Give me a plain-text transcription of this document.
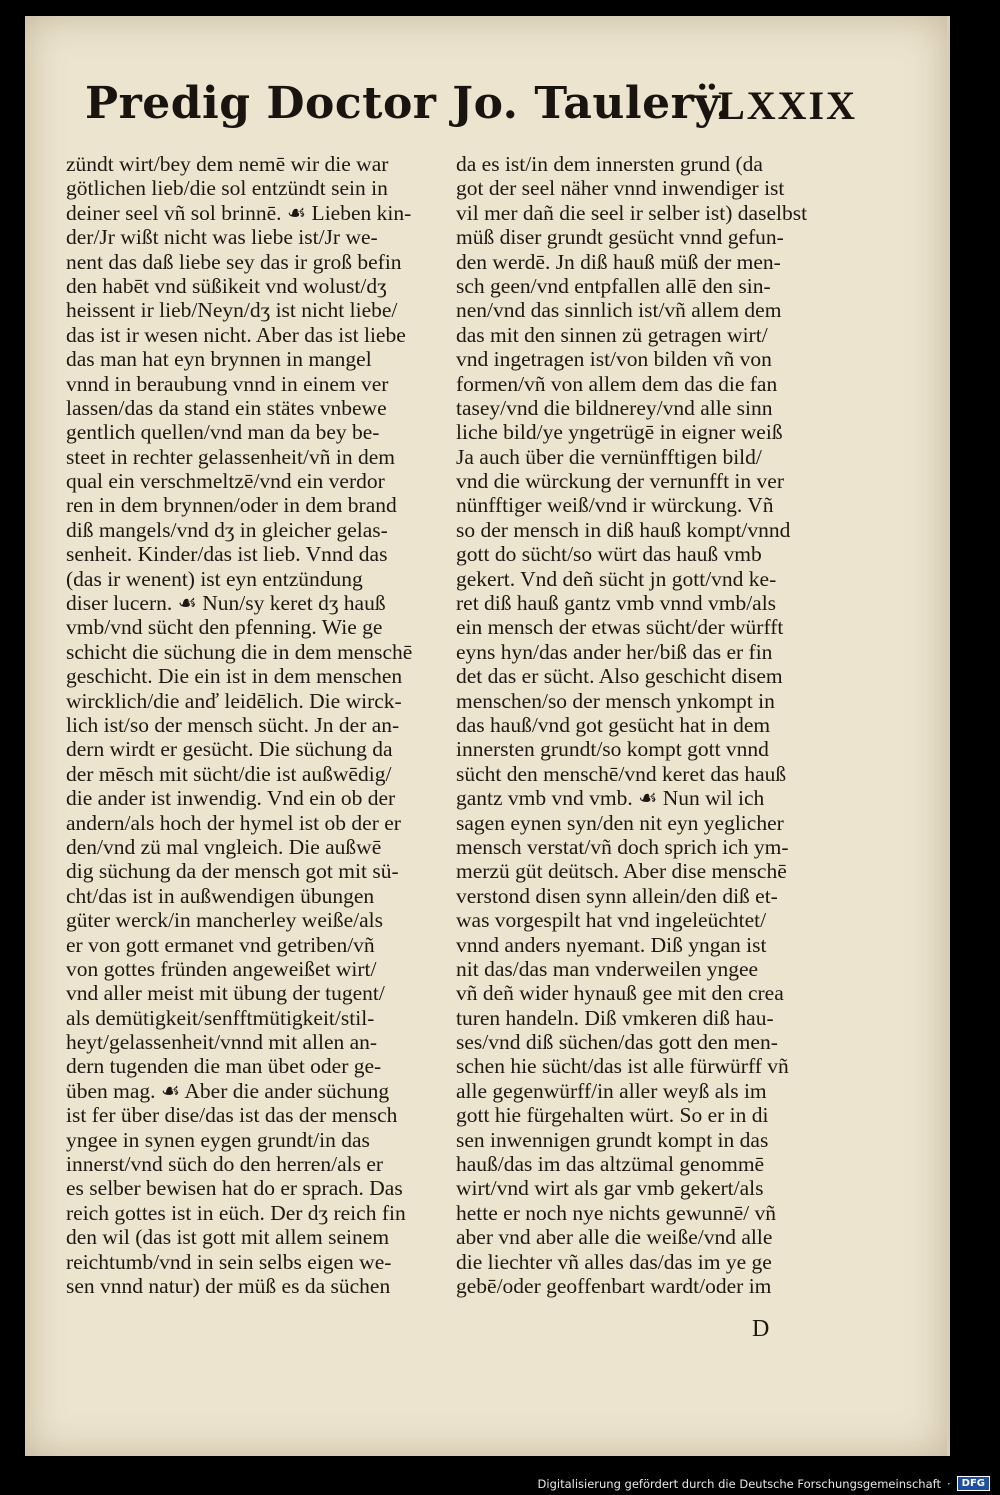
Predig Doctor Jo. Taulerÿ.
LXXIX
zündt wirt/bey dem nemē wir die war
götlichen lieb/die sol entzündt sein in
deiner seel vñ sol brinnē. ☙ Lieben kin-
der/Jr wißt nicht was liebe ist/Jr we-
nent das daß liebe sey das ir groß befin
den habēt vnd süßikeit vnd wolust/dʒ
heissent ir lieb/Neyn/dʒ ist nicht liebe/
das ist ir wesen nicht. Aber das ist liebe
das man hat eyn brynnen in mangel
vnnd in beraubung vnnd in einem ver
lassen/das da stand ein stätes vnbewe
gentlich quellen/vnd man da bey be-
steet in rechter gelassenheit/vñ in dem
qual ein verschmeltzē/vnd ein verdor
ren in dem brynnen/oder in dem brand
diß mangels/vnd dʒ in gleicher gelas-
senheit. Kinder/das ist lieb. Vnnd das
(das ir wenent) ist eyn entzündung
diser lucern. ☙ Nun/sy keret dʒ hauß
vmb/vnd sücht den pfenning. Wie ge
schicht die süchung die in dem menschē
geschicht. Die ein ist in dem menschen
wircklich/die anď leidēlich. Die wirck-
lich ist/so der mensch sücht. Jn der an-
dern wirdt er gesücht. Die süchung da
der mēsch mit sücht/die ist außwēdig/
die ander ist inwendig. Vnd ein ob der
andern/als hoch der hymel ist ob der er
den/vnd zü mal vngleich. Die außwē
dig süchung da der mensch got mit sü-
cht/das ist in außwendigen übungen
güter werck/in mancherley weiße/als
er von gott ermanet vnd getriben/vñ
von gottes fründen angeweißet wirt/
vnd aller meist mit übung der tugent/
als demütigkeit/senfftmütigkeit/stil-
heyt/gelassenheit/vnnd mit allen an-
dern tugenden die man übet oder ge-
üben mag. ☙ Aber die ander süchung
ist fer über dise/das ist das der mensch
yngee in synen eygen grundt/in das
innerst/vnd süch do den herren/als er
es selber bewisen hat do er sprach. Das
reich gottes ist in eüch. Der dʒ reich fin
den wil (das ist gott mit allem seinem
reichtumb/vnd in sein selbs eigen we-
sen vnnd natur) der müß es da süchen
da es ist/in dem innersten grund (da
got der seel näher vnnd inwendiger ist
vil mer dañ die seel ir selber ist) daselbst
müß diser grundt gesücht vnnd gefun-
den werdē. Jn diß hauß müß der men-
sch geen/vnd entpfallen allē den sin-
nen/vnd das sinnlich ist/vñ allem dem
das mit den sinnen zü getragen wirt/
vnd ingetragen ist/von bilden vñ von
formen/vñ von allem dem das die fan
tasey/vnd die bildnerey/vnd alle sinn
liche bild/ye yngetrügē in eigner weiß
Ja auch über die vernünfftigen bild/
vnd die würckung der vernunfft in ver
nünfftiger weiß/vnd ir würckung. Vñ
so der mensch in diß hauß kompt/vnnd
gott do sücht/so würt das hauß vmb
gekert. Vnd deñ sücht jn gott/vnd ke-
ret diß hauß gantz vmb vnnd vmb/als
ein mensch der etwas sücht/der würfft
eyns hyn/das ander her/biß das er fin
det das er sücht. Also geschicht disem
menschen/so der mensch ynkompt in
das hauß/vnd got gesücht hat in dem
innersten grundt/so kompt gott vnnd
sücht den menschē/vnd keret das hauß
gantz vmb vnd vmb. ☙ Nun wil ich
sagen eynen syn/den nit eyn yeglicher
mensch verstat/vñ doch sprich ich ym-
merzü güt deütsch. Aber dise menschē
verstond disen synn allein/den diß et-
was vorgespilt hat vnd ingeleüchtet/
vnnd anders nyemant. Diß yngan ist
nit das/das man vnderweilen yngee
vñ deñ wider hynauß gee mit den crea
turen handeln. Diß vmkeren diß hau-
ses/vnd diß süchen/das gott den men-
schen hie sücht/das ist alle fürwürff vñ
alle gegenwürff/in aller weyß als im
gott hie fürgehalten würt. So er in di
sen inwennigen grundt kompt in das
hauß/das im das altzümal genommē
wirt/vnd wirt als gar vmb gekert/als
hette er noch nye nichts gewunnē/ vñ
aber vnd aber alle die weiße/vnd alle
die liechter vñ alles das/das im ye ge
gebē/oder geoffenbart wardt/oder im
D
Digitalisierung gefördert durch die Deutsche Forschungsgemeinschaft ·	DFG
